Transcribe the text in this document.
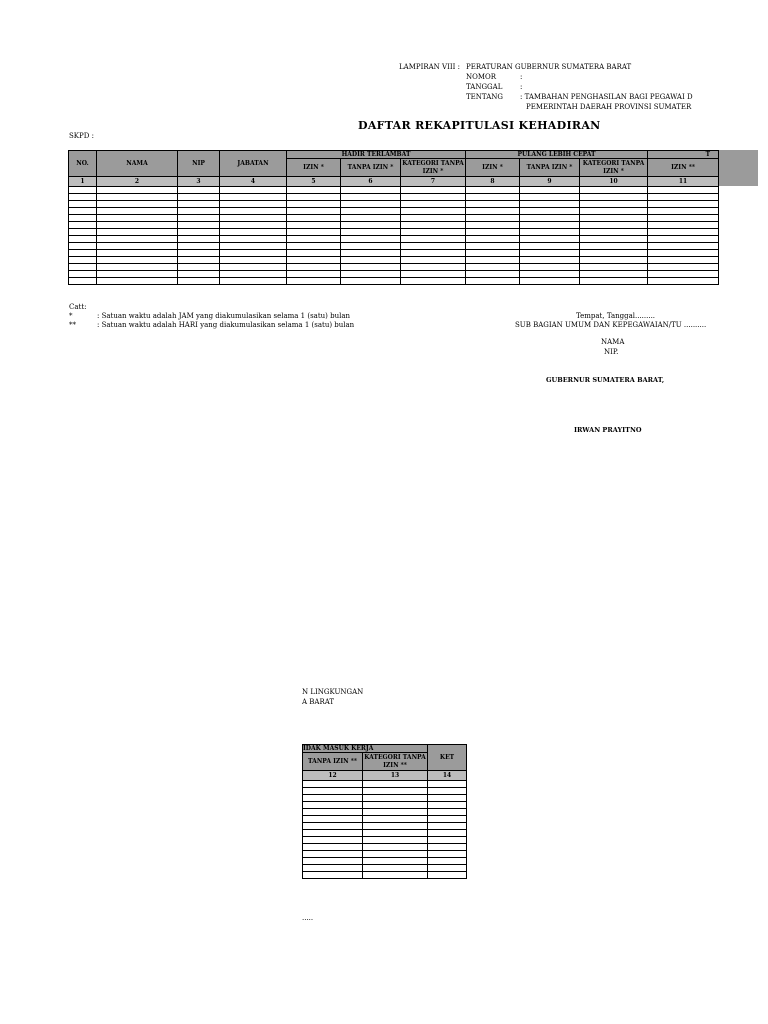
LAMPIRAN VIII : PERATURAN GUBERNUR SUMATERA BARAT
NOMOR	:
TANGGAL	:
TENTANG : TAMBAHAN PENGHASILAN BAGI PEGAWAI D
PEMERINTAH DAERAH PROVINSI SUMATER
DAFTAR REKAPITULASI KEHADIRAN
SKPD :
NO.	NAMA	NIP	JABATAN	HADIR TERLAMBAT			PULANG LEBIH CEPAT			T
				IZIN *	TANPA IZIN *	KATEGORI TANPA IZIN *	IZIN *	TANPA IZIN *	KATEGORI TANPA IZIN *	IZIN **
1	2	3	4	5	6	7	8	9	10	11

Catt:
*	: Satuan waktu adalah JAM yang diakumulasikan selama 1 (satu) bulan
**	: Satuan waktu adalah HARI yang diakumulasikan selama 1 (satu) bulan
Tempat, Tanggal.........
SUB BAGIAN UMUM DAN KEPEGAWAIAN/TU ..........
NAMA
NIP.
GUBERNUR SUMATERA BARAT,
IRWAN PRAYITNO
N LINGKUNGAN
A BARAT
IDAK MASUK KERJA		KET
TANPA IZIN **	KATEGORI TANPA IZIN **	
12	13	14

.....
